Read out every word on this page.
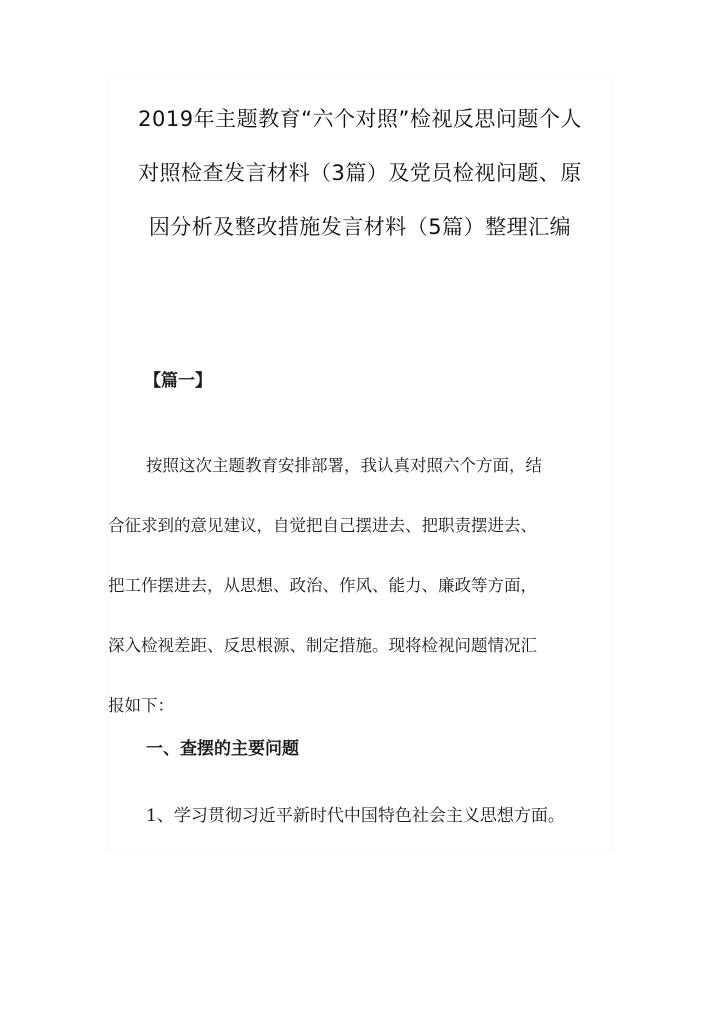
2019年主题教育“六个对照”检视反思问题个人
对照检查发言材料（3篇）及党员检视问题、原
因分析及整改措施发言材料（5篇）整理汇编
【篇一】
按照这次主题教育安排部署，我认真对照六个方面，结
合征求到的意见建议，自觉把自己摆进去、把职责摆进去、
把工作摆进去，从思想、政治、作风、能力、廉政等方面，
深入检视差距、反思根源、制定措施。现将检视问题情况汇
报如下：
一、查摆的主要问题
1、学习贯彻习近平新时代中国特色社会主义思想方面。
